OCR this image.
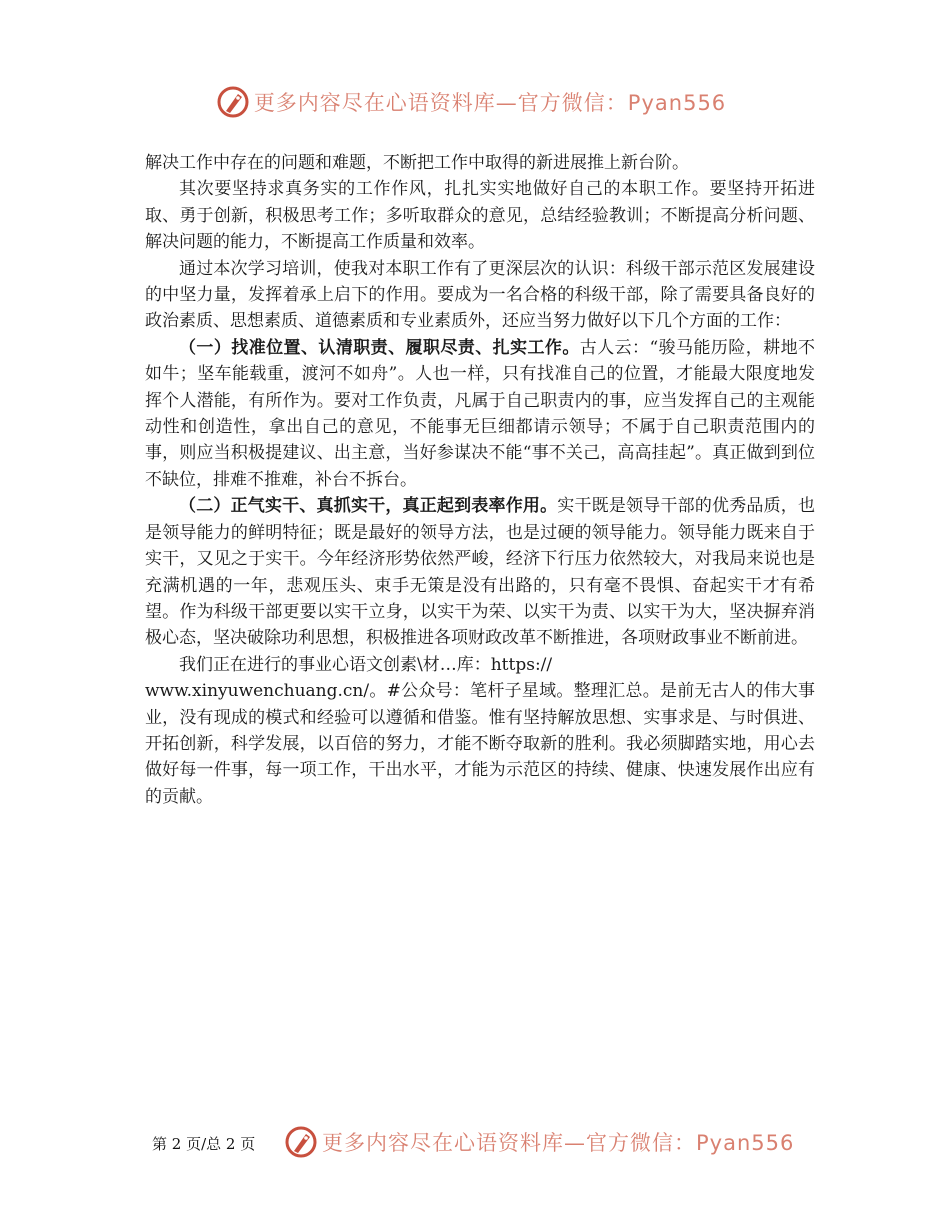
更多内容尽在心语资料库—官方微信：Pyan556

解决工作中存在的问题和难题，不断把工作中取得的新进展推上新台阶。

其次要坚持求真务实的工作作风，扎扎实实地做好自己的本职工作。要坚持开拓进取、勇于创新，积极思考工作；多听取群众的意见，总结经验教训；不断提高分析问题、解决问题的能力，不断提高工作质量和效率。

通过本次学习培训，使我对本职工作有了更深层次的认识：科级干部示范区发展建设的中坚力量，发挥着承上启下的作用。要成为一名合格的科级干部，除了需要具备良好的政治素质、思想素质、道德素质和专业素质外，还应当努力做好以下几个方面的工作：

（一）找准位置、认清职责、履职尽责、扎实工作。古人云：“骏马能历险，耕地不如牛；坚车能载重，渡河不如舟”。人也一样，只有找准自己的位置，才能最大限度地发挥个人潜能，有所作为。要对工作负责，凡属于自己职责内的事，应当发挥自己的主观能动性和创造性，拿出自己的意见，不能事无巨细都请示领导；不属于自己职责范围内的事，则应当积极提建议、出主意，当好参谋决不能“事不关己，高高挂起”。真正做到到位不缺位，排难不推难，补台不拆台。

（二）正气实干、真抓实干，真正起到表率作用。实干既是领导干部的优秀品质，也是领导能力的鲜明特征；既是最好的领导方法，也是过硬的领导能力。领导能力既来自于实干，又见之于实干。今年经济形势依然严峻，经济下行压力依然较大，对我局来说也是充满机遇的一年，悲观压头、束手无策是没有出路的，只有毫不畏惧、奋起实干才有希望。作为科级干部更要以实干立身，以实干为荣、以实干为责、以实干为大，坚决摒弃消极心态，坚决破除功利思想，积极推进各项财政改革不断推进，各项财政事业不断前进。

我们正在进行的事业心语文创素\材…库：https://

www.xinyuwenchuang.cn/。#公众号：笔杆子星域。整理汇总。是前无古人的伟大事业，没有现成的模式和经验可以遵循和借鉴。惟有坚持解放思想、实事求是、与时俱进、开拓创新，科学发展，以百倍的努力，才能不断夺取新的胜利。我必须脚踏实地，用心去做好每一件事，每一项工作，干出水平，才能为示范区的持续、健康、快速发展作出应有的贡献。

更多内容尽在心语资料库—官方微信：Pyan556
第 2 页/总 2 页
